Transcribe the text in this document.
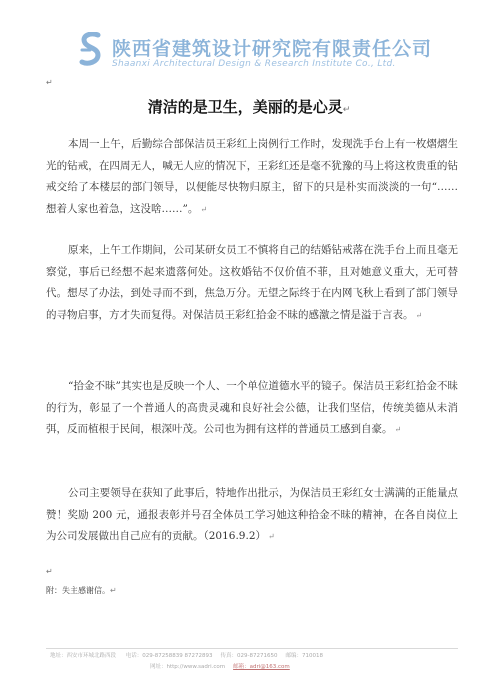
陕西省建筑设计研究院有限责任公司
Shaanxi Architectural Design & Research Institute Co., Ltd.
↵
清洁的是卫生，美丽的是心灵↵
本周一上午，后勤综合部保洁员王彩红上岗例行工作时，发现洗手台上有一枚熠熠生光的钻戒，在四周无人，喊无人应的情况下，王彩红还是毫不犹豫的马上将这枚贵重的钻戒交给了本楼层的部门领导，以便能尽快物归原主，留下的只是朴实而淡淡的一句“……想着人家也着急，这没啥……”。 ↵
原来，上午工作期间，公司某研女员工不慎将自己的结婚钻戒落在洗手台上而且毫无察觉，事后已经想不起来遗落何处。这枚婚钻不仅价值不菲，且对她意义重大，无可替代。想尽了办法，到处寻而不到，焦急万分。无望之际终于在内网飞秋上看到了部门领导的寻物启事，方才失而复得。对保洁员王彩红拾金不昧的感激之情是溢于言表。 ↵
“拾金不昧”其实也是反映一个人、一个单位道德水平的镜子。保洁员王彩红拾金不昧的行为，彰显了一个普通人的高贵灵魂和良好社会公德，让我们坚信，传统美德从未消弭，反而植根于民间，根深叶茂。公司也为拥有这样的普通员工感到自豪。 ↵
公司主要领导在获知了此事后，特地作出批示，为保洁员王彩红女士满满的正能量点赞！奖励 200 元，通报表彰并号召全体员工学习她这种拾金不昧的精神，在各自岗位上为公司发展做出自己应有的贡献。（2016.9.2） ↵
↵
附：失主感谢信。↵
地址：西安市环城北路西段 电话：029-87258839 87272893 传真：029-87271650 邮编：710018
网址：http://www.sadri.com 邮箱：adri@163.com
